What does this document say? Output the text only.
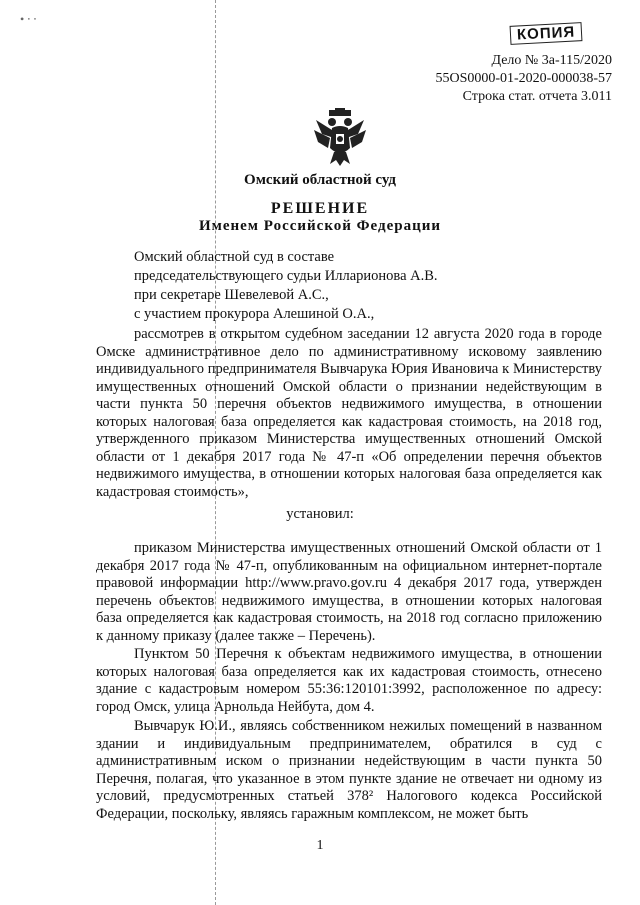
• ⸱ ⸱
КОПИЯ
Дело № 3а-115/2020
55OS0000-01-2020-000038-57
Строка стат. отчета 3.011
Омский областной суд
РЕШЕНИЕ
Именем Российской Федерации
Омский областной суд в составе
председательствующего судьи Илларионова А.В.
при секретаре Шевелевой А.С.,
с участием прокурора Алешиной О.А.,

рассмотрев в открытом судебном заседании 12 августа 2020 года в городе Омске административное дело по административному исковому заявлению индивидуального предпринимателя Вывчарука Юрия Ивановича к Министерству имущественных отношений Омской области о признании недействующим в части пункта 50 перечня объектов недвижимого имущества, в отношении которых налоговая база определяется как кадастровая стоимость, на 2018 год, утвержденного приказом Министерства имущественных отношений Омской области от 1 декабря 2017 года № 47-п «Об определении перечня объектов недвижимого имущества, в отношении которых налоговая база определяется как кадастровая стоимость»,

установил:

приказом Министерства имущественных отношений Омской области от 1 декабря 2017 года № 47-п, опубликованным на официальном интернет-портале правовой информации http://www.pravo.gov.ru 4 декабря 2017 года, утвержден перечень объектов недвижимого имущества, в отношении которых налоговая база определяется как кадастровая стоимость, на 2018 год согласно приложению к данному приказу (далее также – Перечень).

Пунктом 50 Перечня к объектам недвижимого имущества, в отношении которых налоговая база определяется как их кадастровая стоимость, отнесено здание с кадастровым номером 55:36:120101:3992, расположенное по адресу: город Омск, улица Арнольда Нейбута, дом 4.

Вывчарук Ю.И., являясь собственником нежилых помещений в названном здании и индивидуальным предпринимателем, обратился в суд с административным иском о признании недействующим в части пункта 50 Перечня, полагая, что указанное в этом пункте здание не отвечает ни одному из условий, предусмотренных статьей 378² Налогового кодекса Российской Федерации, поскольку, являясь гаражным комплексом, не может быть

1
